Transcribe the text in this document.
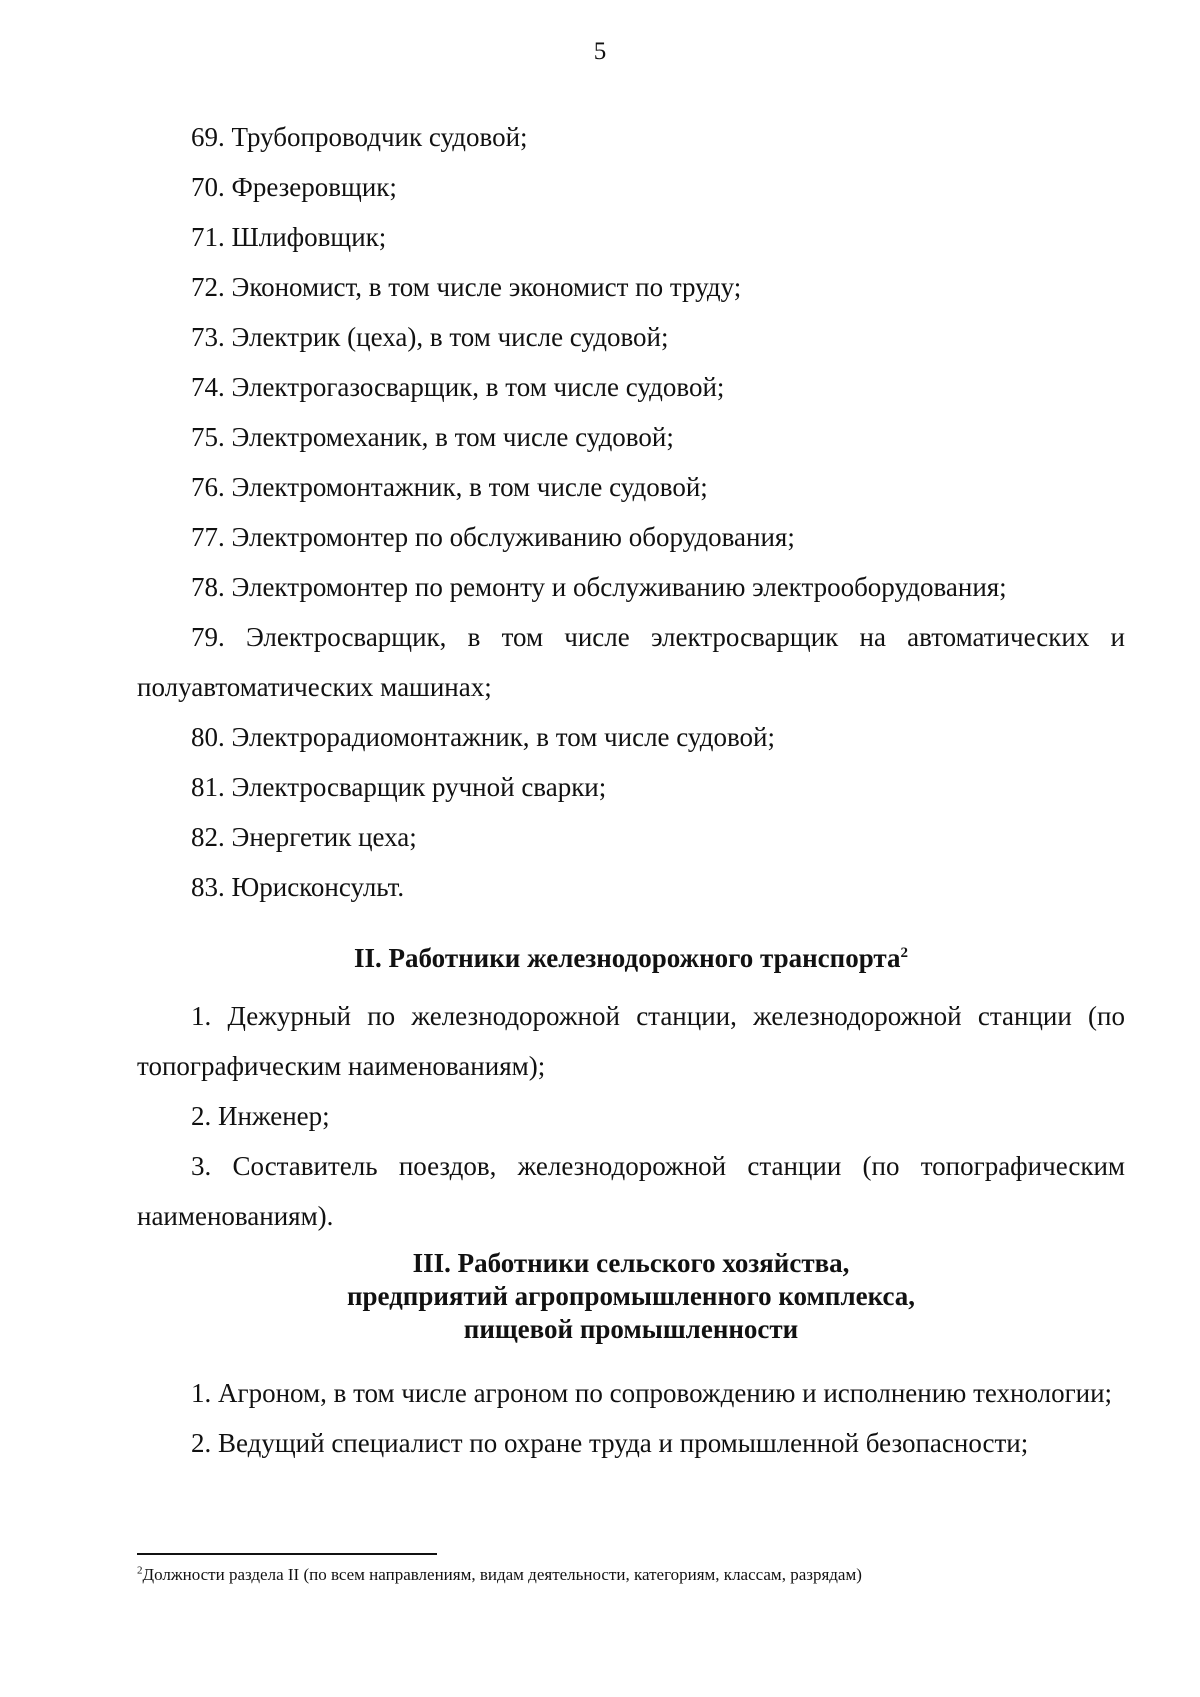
5

69. Трубопроводчик судовой;

70. Фрезеровщик;

71. Шлифовщик;

72. Экономист, в том числе экономист по труду;

73. Электрик (цеха), в том числе судовой;

74. Электрогазосварщик, в том числе судовой;

75. Электромеханик, в том числе судовой;

76. Электромонтажник, в том числе судовой;

77. Электромонтер по обслуживанию оборудования;

78. Электромонтер по ремонту и обслуживанию электрооборудования;

79. Электросварщик, в том числе электросварщик на автоматических и полуавтоматических машинах;

80. Электрорадиомонтажник, в том числе судовой;

81. Электросварщик ручной сварки;

82. Энергетик цеха;

83. Юрисконсульт.

II. Работники железнодорожного транспорта$^2$

1. Дежурный по железнодорожной станции, железнодорожной станции (по топографическим наименованиям);

2. Инженер;

3. Составитель поездов, железнодорожной станции (по топографическим наименованиям).

III. Работники сельского хозяйства,
предприятий агропромышленного комплекса,
пищевой промышленности

1. Агроном, в том числе агроном по сопровождению и исполнению технологии;

2. Ведущий специалист по охране труда и промышленной безопасности;

$^2$Должности раздела II (по всем направлениям, видам деятельности, категориям, классам, разрядам)
